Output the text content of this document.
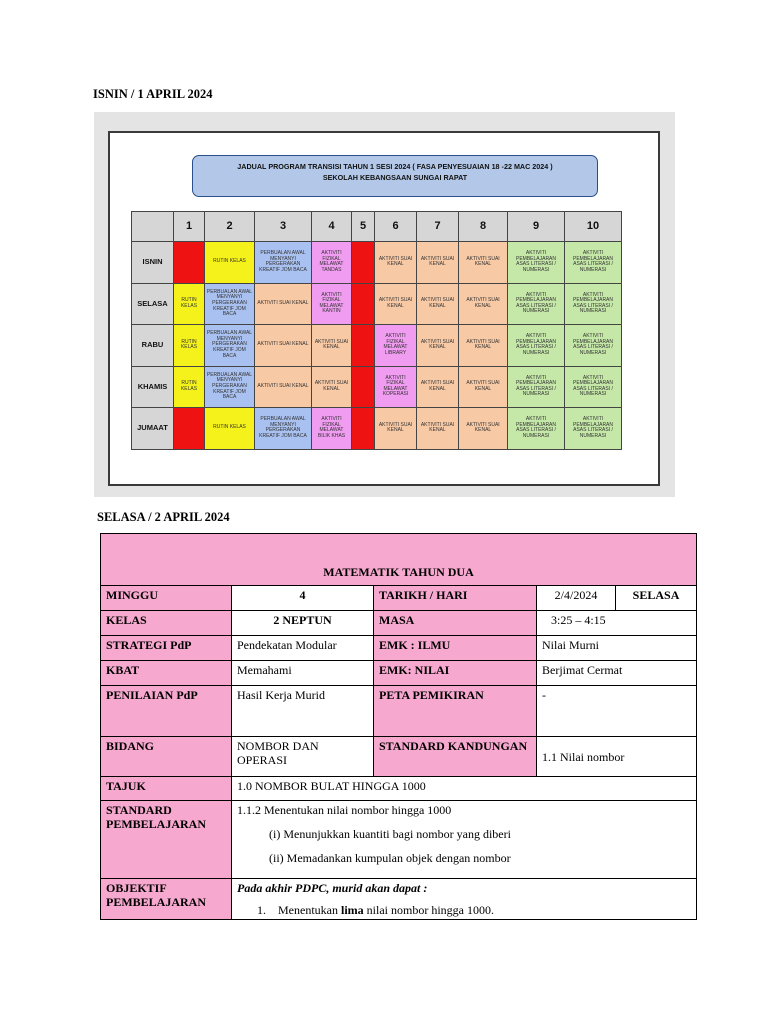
ISNIN / 1 APRIL 2024
JADUAL PROGRAM TRANSISI TAHUN 1 SESI 2024 ( FASA PENYESUAIAN 18 -22 MAC 2024 )
SEKOLAH KEBANGSAAN SUNGAI RAPAT
	1	2	3	4	5	6	7	8	9	10
ISNIN		RUTIN KELAS	PERBUALAN AWAL MENYANYI PERGERAKAN KREATIF JOM BACA	AKTIVITI FIZIKAL MELAWAT TANDAS		AKTIVITI SUAI KENAL	AKTIVITI SUAI KENAL	AKTIVITI SUAI KENAL	AKTIVITI PEMBELAJARAN ASAS LITERASI / NUMERASI	AKTIVITI PEMBELAJARAN ASAS LITERASI / NUMERASI
SELASA	RUTIN KELAS	PERBUALAN AWAL MENYANYI PERGERAKAN KREATIF JOM BACA	AKTIVITI SUAI KENAL	AKTIVITI FIZIKAL MELAWAT KANTIN		AKTIVITI SUAI KENAL	AKTIVITI SUAI KENAL	AKTIVITI SUAI KENAL	AKTIVITI PEMBELAJARAN ASAS LITERASI / NUMERASI	AKTIVITI PEMBELAJARAN ASAS LITERASI / NUMERASI
RABU	RUTIN KELAS	PERBUALAN AWAL MENYANYI PERGERAKAN KREATIF JOM BACA	AKTIVITI SUAI KENAL	AKTIVITI SUAI KENAL		AKTIVITI FIZIKAL MELAWAT LIBRARY	AKTIVITI SUAI KENAL	AKTIVITI SUAI KENAL	AKTIVITI PEMBELAJARAN ASAS LITERASI / NUMERASI	AKTIVITI PEMBELAJARAN ASAS LITERASI / NUMERASI
KHAMIS	RUTIN KELAS	PERBUALAN AWAL MENYANYI PERGERAKAN KREATIF JOM BACA	AKTIVITI SUAI KENAL	AKTIVITI SUAI KENAL		AKTIVITI FIZIKAL MELAWAT KOPERASI	AKTIVITI SUAI KENAL	AKTIVITI SUAI KENAL	AKTIVITI PEMBELAJARAN ASAS LITERASI / NUMERASI	AKTIVITI PEMBELAJARAN ASAS LITERASI / NUMERASI
JUMAAT		RUTIN KELAS	PERBUALAN AWAL MENYANYI PERGERAKAN KREATIF JOM BACA	AKTIVITI FIZIKAL MELAWAT BILIK KHAS		AKTIVITI SUAI KENAL	AKTIVITI SUAI KENAL	AKTIVITI SUAI KENAL	AKTIVITI PEMBELAJARAN ASAS LITERASI / NUMERASI	AKTIVITI PEMBELAJARAN ASAS LITERASI / NUMERASI
SELASA / 2 APRIL 2024
MATEMATIK TAHUN DUA				
MINGGU	4	TARIKH / HARI	2/4/2024	SELASA
KELAS	2 NEPTUN	MASA	3:25 – 4:15	
STRATEGI PdP	Pendekatan Modular	EMK : ILMU	Nilai Murni	
KBAT	Memahami	EMK: NILAI	Berjimat Cermat	
PENILAIAN PdP	Hasil Kerja Murid	PETA PEMIKIRAN	-	
BIDANG	NOMBOR DAN OPERASI	STANDARD KANDUNGAN	1.1 Nilai nombor	
TAJUK	1.0 NOMBOR BULAT HINGGA 1000			
STANDARD PEMBELAJARAN	1.1.2 Menentukan nilai nombor hingga 1000
(i) Menunjukkan kuantiti bagi nombor yang diberi
(ii) Memadankan kumpulan objek dengan nombor			

OBJEKTIF PEMBELAJARAN	Pada akhir PDPC, murid akan dapat :
1. Menentukan lima nilai nombor hingga 1000.			
